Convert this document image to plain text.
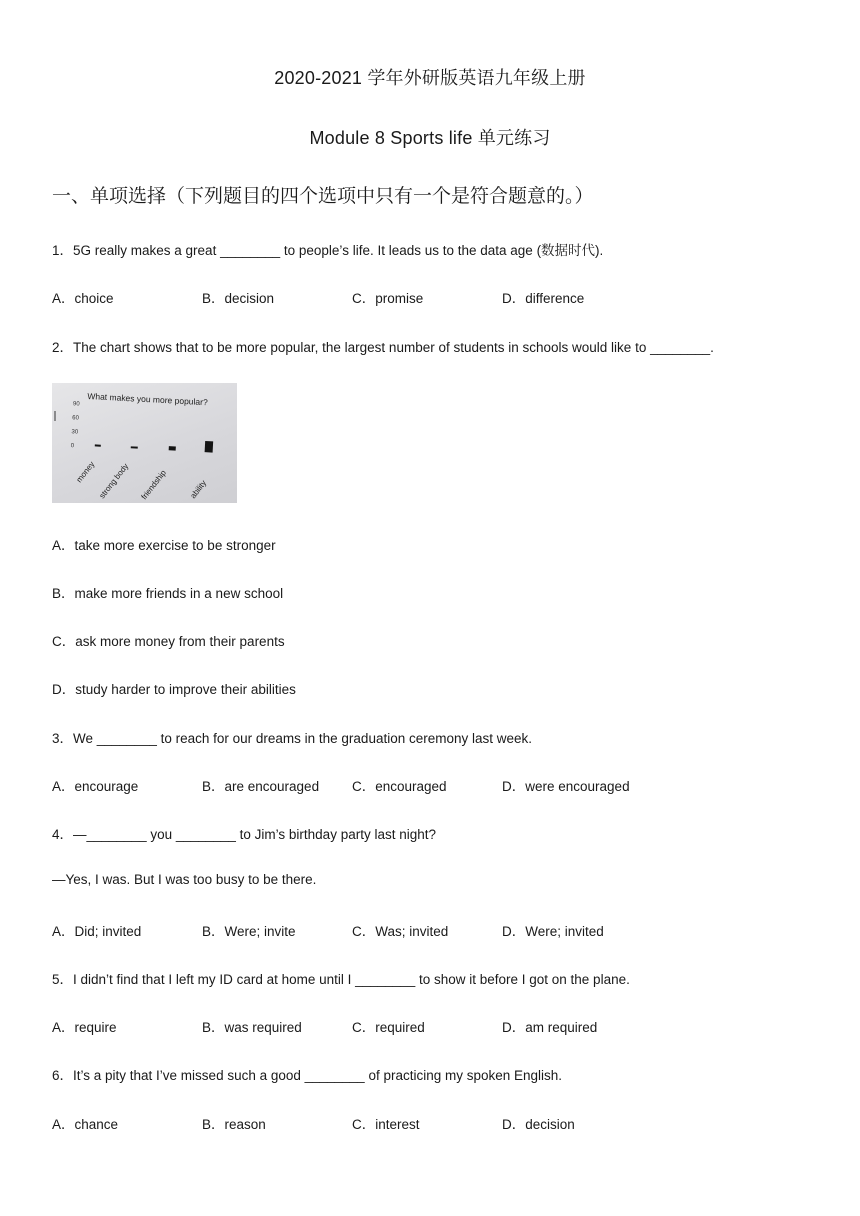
2020-2021 学年外研版英语九年级上册
Module 8 Sports life 单元练习
一、单项选择（下列题目的四个选项中只有一个是符合题意的。）
1．5G really makes a great ________ to people’s life. It leads us to the data age (数据时代).
A．choice	B．decision	C．promise	D．difference
2．The chart shows that to be more popular, the largest number of students in schools would like to ________.
What makes you more popular?
0
30
60
90
money strong body friendship	ability
A．take more exercise to be stronger
B．make more friends in a new school
C．ask more money from their parents
D．study harder to improve their abilities
3．We ________ to reach for our dreams in the graduation ceremony last week.
A．encourage	B．are encouraged C．encouraged	D．were encouraged
4．—________ you ________ to Jim’s birthday party last night?
—Yes, I was. But I was too busy to be there.
A．Did; invited	B．Were; invite	C．Was; invited	D．Were; invited
5．I didn’t find that I left my ID card at home until I ________ to show it before I got on the plane.
A．require	B．was required	C．required	D．am required
6．It’s a pity that I’ve missed such a good ________ of practicing my spoken English.
A．chance	B．reason	C．interest	D．decision
